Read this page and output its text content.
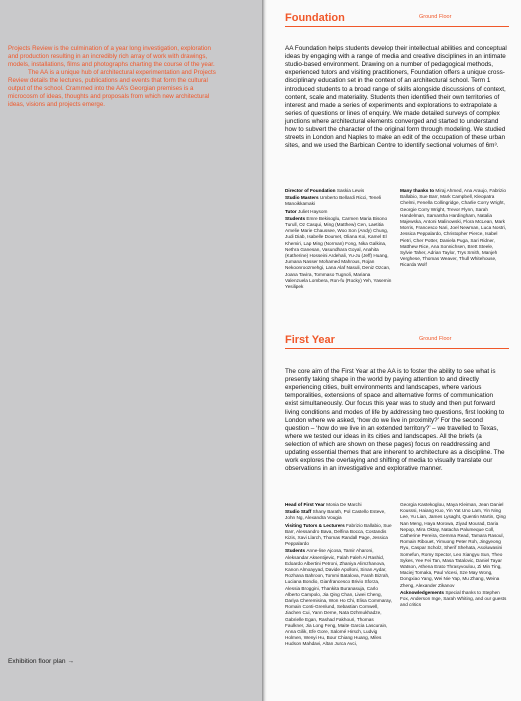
Projects Review is the culmination of a year long investigation, exploration and production resulting in an incredibly rich array of work with drawings, models, installations, films and photographs charting the course of the year.

The AA is a unique hub of architectural experimentation and Projects Review details the lectures, publications and events that form the cultural output of the school. Crammed into the AA’s Georgian premises is a microcosm of ideas, thoughts and proposals from which new architectural ideas, visions and projects emerge.

Exhibition floor plan →
Foundation	Ground Floor

AA Foundation helps students develop their intellectual abilities and conceptual ideas by engaging with a range of media and creative disciplines in an intimate studio-based environment. Drawing on a number of pedagogical methods, experienced tutors and visiting practitioners, Foundation offers a unique cross-disciplinary education set in the context of an architectural school. Term 1 introduced students to a broad range of skills alongside discussions of context, content, scale and materiality. Students then identified their own territories of interest and made a series of experiments and explorations to extrapolate a series of questions or lines of enquiry. We made detailed surveys of complex junctions where architectural elements converged and started to understand how to subvert the character of the original form through modeling. We studied streets in London and Naples to make an edit of the occupation of these urban sites, and we used the Barbican Centre to identify sectional volumes of 6m³.

Director of Foundation Saskia Lewis

Studio Masters Umberto Bellardi Ricci, Teneli Manoikkamaki

Tutor Juliet Haysom

Students Emre Bekisoglu, Carmen Maria Bisono Turull, Oz Casqui, Ming (Matthew) Cen, Laetitia Amelie Marie Chaussee, Woo Son (Andy) Chung, Judi Diab, Isabelle Doumet, Oliana Koi, Kamel El Khemiri, Lap Ming (Norman) Fong, Nika Galkina, Nethra Ganesan, Vasundhara Goyal, Anahita (Katherine) Hosseini Ardehali, Yu-Ju (Jeff) Huang, Jumana Nasser Mohamed Mahrous, Rojan Nekoonroozmehgi, Lana Alaf Nasuli, Deniz Ozcan, Joana Tavira, Tommaso Tugnoli, Mariana Valenzuela Lombera, Ron-fu (Rocky) Yeh, Yasemin Yesilipek

Many thanks to Miraj Ahmed, Ana Araujo, Fabrizio Ballabio, Sue Barr, Mark Campbell, Kleopatra Chelmi, Fenella Collingridge, Charlie Corry Wright, Georgie Corry Wright, Trevor Flynn, Sarah Handelman, Samantha Hardingham, Natalia Majewska, Antoni Malinowski, Flora McLean, Mark Morris, Francesco Nari, Joel Newman, Luca Nostri, Jessica Peppalardo, Christopher Pierce, Isabel Pietri, Cher Potter, Daniela Puga, Sari Ridner, Matthew Rice, Ana Sonnichsen, Brett Steele, Sylvie Taher, Adrian Taylor, Trys Smith, Manjeh Verghese, Thomas Weaver, Thull Whitehouse, Ricarda Wolf

First Year	Ground Floor

The core aim of the First Year at the AA is to foster the ability to see what is presently taking shape in the world by paying attention to and directly experiencing cities, built environments and landscapes, where various temporalities, extensions of space and alternative forms of communication exist simultaneously. Our focus this year was to study and then put forward living conditions and modes of life by addressing two questions, first looking to London where we asked, ‘how do we live in proximity?’ For the second question – ‘how do we live in an extended territory?’ – we travelled to Texas, where we tested our ideas in its cities and landscapes. All the briefs (a selection of which are shown on these pages) focus on readdressing and updating essential themes that are inherent to architecture as a discipline. The work explores the overlaying and shifting of media to visually translate our observations in an investigative and explorative manner.

Head of First Year Monia De Marchi

Studio Staff Shany Barath, Pol Castello Esteve, John Ng, Alexandra Vougia

Visiting Tutors & Lecturers Fabrizio Ballabio, Sue Barr, Alessandro Bava, Delfina Bocca, Costandis Kizis, Xavi Llarch, Thomas Randall Page, Jessica Peppalardo

Students Anne-lise Ajcosa, Tamir Aharoni, Aleksandar Aksentijevic, Falah Faleh Al Rashid, Edoardo Albertini Petroni, Zhaniya Alimzhanova, Kanon Almoayyad, Davide Apolloni, Sinan Aydar, Rozhana Bahroon, Tommi Batalova, Farah Bizrah, Luciana Bondio, Gianfrancesco Brivio Sforza, Alessia Broggini, Thankita Buranasuja, Carlo Alberto Campolo, Jia Qing Chan, Liwei Cheng, Dariya Cheremisina, Won Ho Chi, Elisa Commaray, Romain Conti-Grenlund, Sebastian Cornwell, Jiachen Cui, Yann Deme, Nata Dzhmukhadze, Gabrielle Egan, Rashad Fakhouri, Thomas Faulkner, Jia Long Feng, Maite Garcia Lascurain, Anna Gilik, Efe Gore, Salomé Hirsch, Ludvig Holmen, Wenyi Hu, Bour Chiang Huang, Miles Hudson Mahdavi, Altan Jurca Avci,

Georgia Kastekoglou, Maya Kleiman, Jean Daniel Kousssi, Haiang Kuo, Yin Yat Uno Lam, Yin Ning Lee, Yu Lian, James Lysaght, Quentin Martin, Qing Nan Meng, Haya Morowa, Ziyad Mourad, Daria Nepop, Mira Oktay, Natacha Palumeque Coll, Catherine Pereira, Gemma Read, Tamara Rasoul, Romain Ribouet, Yimuong Peter Roh, Jingyeong Ryu, Caspar Scholz, Sherif Shehata, Asoluwasini Somefun, Romy Spector, Leo Xiangyu Sun, Theo Sykes, Yee Fei Tan, Masa Tatalovic, Daniel Tayar Watson, Athena Erato Thrasyvoulou, Zi Min Ting, Maciej Tomaka, Paul Vicesi, Sze May Wong, Dongxiao Yang, Wei Nie Yap, Mu Zhang, Weina Zheng, Alexander Zikanov

Acknowledgements Special thanks to Stephen Fox, Anderson Inge, Sarah Whiting, and our guests and critics
